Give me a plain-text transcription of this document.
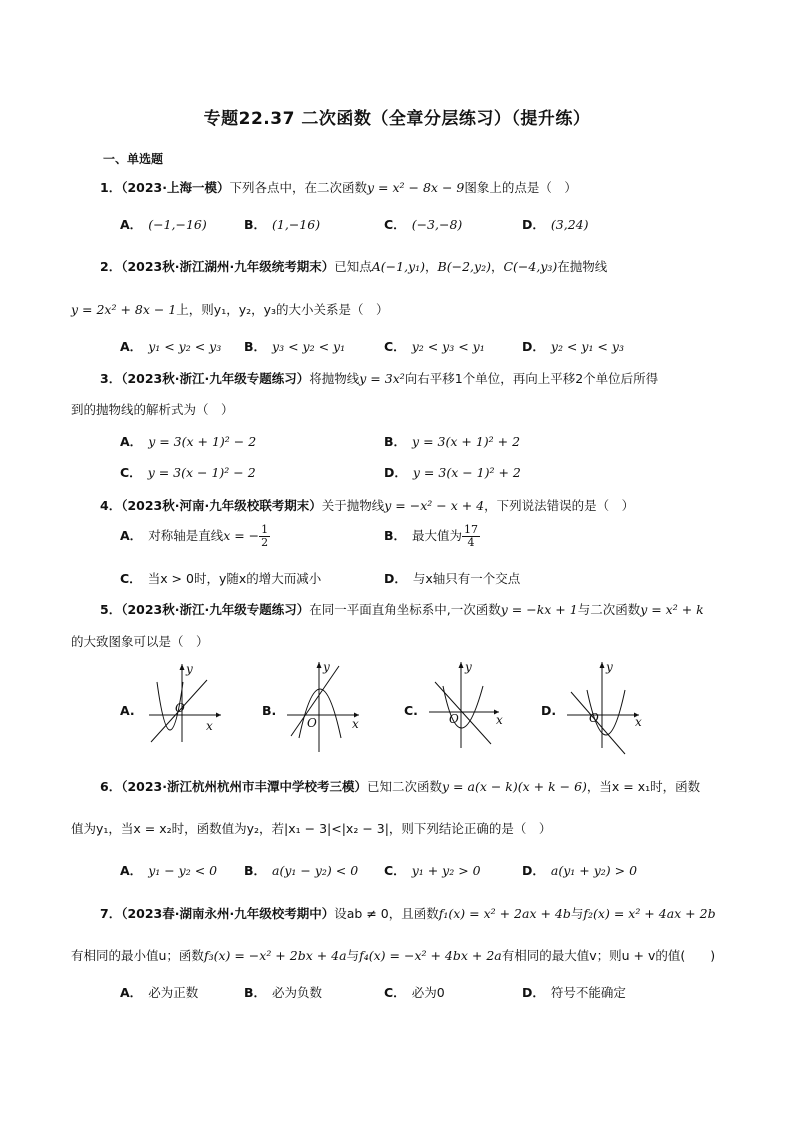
专题22.37 二次函数（全章分层练习）（提升练）
一、单选题
1．（2023·上海一模）下列各点中，在二次函数y = x² − 8x − 9图象上的点是（　）
A． (−1,−16)	B． (1,−16)	C． (−3,−8)	D． (3,24)
2．（2023秋·浙江湖州·九年级统考期末）已知点A(−1,y₁)，B(−2,y₂)，C(−4,y₃)在抛物线
y = 2x² + 8x − 1上，则y₁，y₂，y₃的大小关系是（　）
A． y₁ < y₂ < y₃ B． y₃ < y₂ < y₁	C． y₂ < y₃ < y₁	D． y₂ < y₁ < y₃
3．（2023秋·浙江·九年级专题练习）将抛物线y = 3x²向右平移1个单位，再向上平移2个单位后所得
到的抛物线的解析式为（　）
A． y = 3(x + 1)² − 2	B． y = 3(x + 1)² + 2
C． y = 3(x − 1)² − 2	D． y = 3(x − 1)² + 2
4．（2023秋·河南·九年级校联考期末）关于抛物线y = −x² − x + 4，下列说法错误的是（　）
A． 对称轴是直线x = − $\frac{1}{2}$	B． 最大值为 $\frac{17}{4}$
C． 当x > 0时，y随x的增大而减小	D． 与x轴只有一个交点
5．（2023秋·浙江·九年级专题练习）在同一平面直角坐标系中,一次函数y = −kx + 1与二次函数y = x² + k
的大致图象可以是（　）
A.
y
x
O	B.
y
x
O
C.
y
x
O
D.
y
x
O
6．（2023·浙江杭州杭州市丰潭中学校考三模）已知二次函数y = a(x − k)(x + k − 6)，当x = x₁时，函数
值为y₁，当x = x₂时，函数值为y₂，若|x₁ − 3|<|x₂ − 3|，则下列结论正确的是（　）
A． y₁ − y₂ < 0 B． a(y₁ − y₂) < 0 C． y₁ + y₂ > 0	D． a(y₁ + y₂) > 0
7．（2023春·湖南永州·九年级校考期中）设ab ≠ 0，且函数f₁(x) = x² + 2ax + 4b与f₂(x) = x² + 4ax + 2b
有相同的最小值u；函数f₃(x) = −x² + 2bx + 4a与f₄(x) = −x² + 4bx + 2a有相同的最大值v；则u + v的值(　　)
A． 必为正数	B． 必为负数	C． 必为0	D． 符号不能确定
